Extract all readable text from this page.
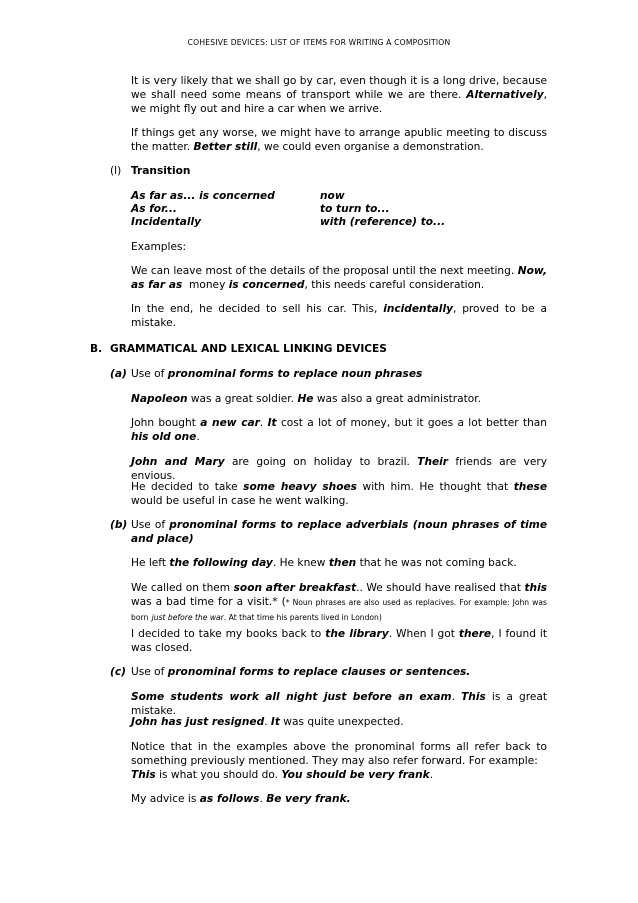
COHESIVE DEVICES: LIST OF ITEMS FOR WRITING A COMPOSITION
It is very likely that we shall go by car, even though it is a long drive, because we shall need some means of transport while we are there. Alternatively, we might fly out and hire a car when we arrive.
If things get any worse, we might have to arrange apublic meeting to discuss the matter. Better still, we could even organise a demonstration.
(l) Transition
As far as... is concerned
As for...
Incidentally
now
to turn to...
with (reference) to...
Examples:
We can leave most of the details of the proposal until the next meeting. Now, as far as money is concerned, this needs careful consideration.
In the end, he decided to sell his car. This, incidentally, proved to be a mistake.
B. GRAMMATICAL AND LEXICAL LINKING DEVICES
(a) Use of pronominal forms to replace noun phrases
Napoleon was a great soldier. He was also a great administrator.
John bought a new car. It cost a lot of money, but it goes a lot better than his old one.
John and Mary are going on holiday to brazil. Their friends are very envious.
He decided to take some heavy shoes with him. He thought that these would be useful in case he went walking.
(b) Use of pronominal forms to replace adverbials (noun phrases of time and place)
He left the following day. He knew then that he was not coming back.
We called on them soon after breakfast.. We should have realised that this was a bad time for a visit.* (* Noun phrases are also used as replacives. For example: John was born just before the war. At that time his parents lived in London)
I decided to take my books back to the library. When I got there, I found it was closed.
(c) Use of pronominal forms to replace clauses or sentences.
Some students work all night just before an exam. This is a great mistake.
John has just resigned. It was quite unexpected.
Notice that in the examples above the pronominal forms all refer back to something previously mentioned. They may also refer forward. For example:
This is what you should do. You should be very frank.
My advice is as follows. Be very frank.
